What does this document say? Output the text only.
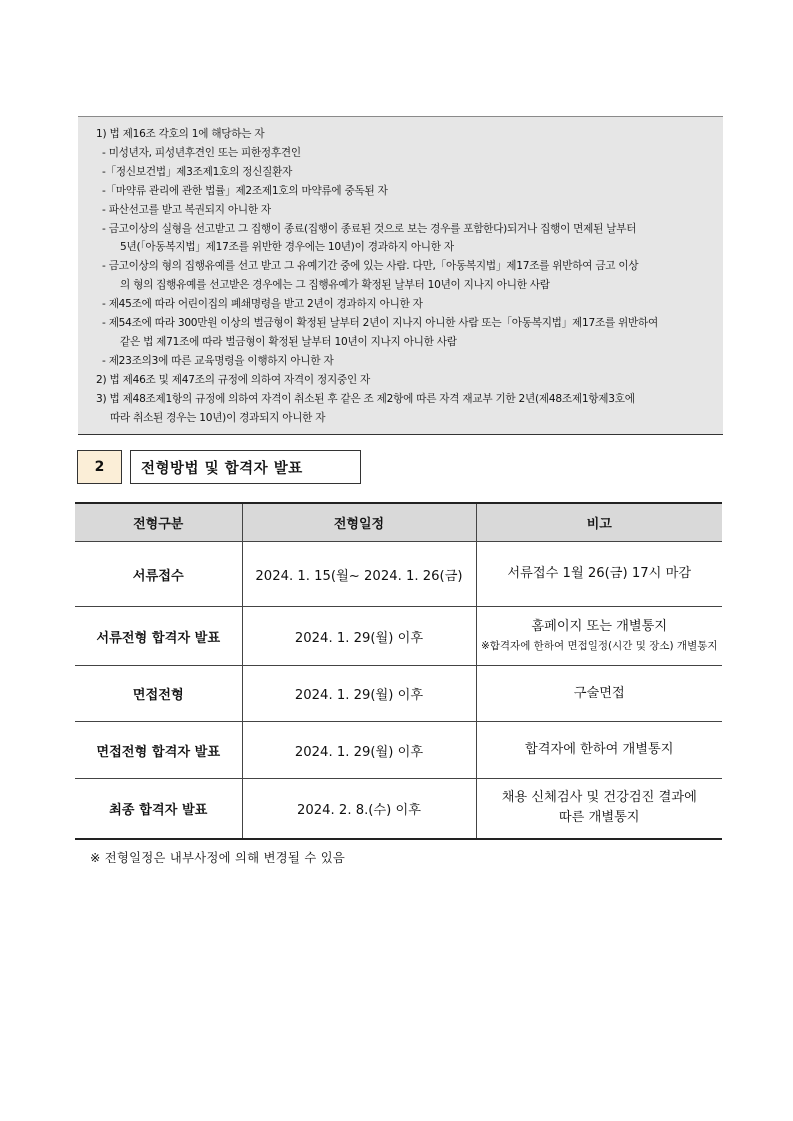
1) 법 제16조 각호의 1에 해당하는 자
- 미성년자, 피성년후견인 또는 피한정후견인
-「정신보건법」제3조제1호의 정신질환자
-「마약류 관리에 관한 법률」제2조제1호의 마약류에 중독된 자
- 파산선고를 받고 복권되지 아니한 자
- 금고이상의 실형을 선고받고 그 집행이 종료(집행이 종료된 것으로 보는 경우를 포함한다)되거나 집행이 면제된 날부터
5년(「아동복지법」제17조를 위반한 경우에는 10년)이 경과하지 아니한 자
- 금고이상의 형의 집행유예를 선고 받고 그 유예기간 중에 있는 사람. 다만,「아동복지법」제17조를 위반하여 금고 이상
의 형의 집행유예를 선고받은 경우에는 그 집행유예가 확정된 날부터 10년이 지나지 아니한 사람
- 제45조에 따라 어린이집의 폐쇄명령을 받고 2년이 경과하지 아니한 자
- 제54조에 따라 300만원 이상의 벌금형이 확정된 날부터 2년이 지나지 아니한 사람 또는「아동복지법」제17조를 위반하여
같은 법 제71조에 따라 벌금형이 확정된 날부터 10년이 지나지 아니한 사람
- 제23조의3에 따른 교육명령을 이행하지 아니한 자
2) 법 제46조 및 제47조의 규정에 의하여 자격이 정지중인 자
3) 법 제48조제1항의 규정에 의하여 자격이 취소된 후 같은 조 제2항에 따른 자격 재교부 기한 2년(제48조제1항제3호에
따라 취소된 경우는 10년)이 경과되지 아니한 자
2	전형방법 및 합격자 발표
전형구분	전형일정	비고
서류접수	2024. 1. 15(월~ 2024. 1. 26(금)	서류접수 1월 26(금) 17시 마감
서류전형 합격자 발표	2024. 1. 29(월) 이후	홈페이지 또는 개별통지
※합격자에 한하여 면접일정(시간 및 장소) 개별통지

면접전형	2024. 1. 29(월) 이후	구술면접
면접전형 합격자 발표	2024. 1. 29(월) 이후	합격자에 한하여 개별통지
최종 합격자 발표	2024. 2. 8.(수) 이후	채용 신체검사 및 건강검진 결과에
따른 개별통지
※ 전형일정은 내부사정에 의해 변경될 수 있음
